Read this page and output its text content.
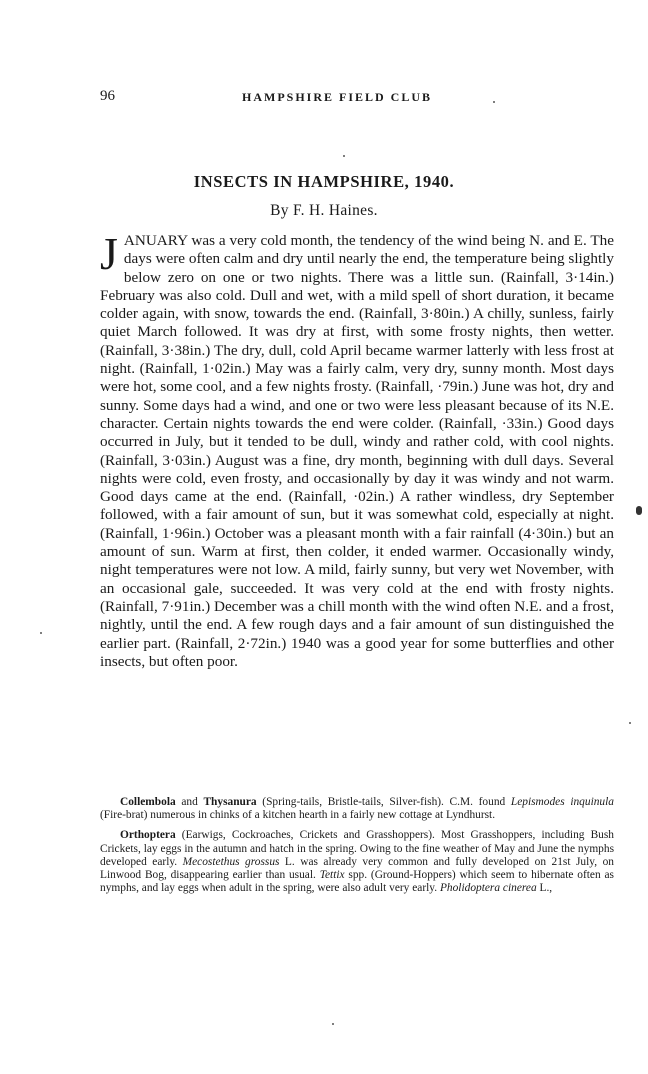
96	HAMPSHIRE FIELD CLUB
INSECTS IN HAMPSHIRE, 1940.
By F. H. Haines.
JANUARY was a very cold month, the tendency of the wind being N. and E. The days were often calm and dry until nearly the end, the temperature being slightly below zero on one or two nights. There was a little sun. (Rainfall, 3·14in.) February was also cold. Dull and wet, with a mild spell of short duration, it became colder again, with snow, towards the end. (Rainfall, 3·80in.) A chilly, sunless, fairly quiet March followed. It was dry at first, with some frosty nights, then wetter. (Rainfall, 3·38in.) The dry, dull, cold April became warmer latterly with less frost at night. (Rainfall, 1·02in.) May was a fairly calm, very dry, sunny month. Most days were hot, some cool, and a few nights frosty. (Rainfall, ·79in.) June was hot, dry and sunny. Some days had a wind, and one or two were less pleasant because of its N.E. character. Certain nights towards the end were colder. (Rainfall, ·33in.) Good days occurred in July, but it tended to be dull, windy and rather cold, with cool nights. (Rainfall, 3·03in.) August was a fine, dry month, beginning with dull days. Several nights were cold, even frosty, and occasionally by day it was windy and not warm. Good days came at the end. (Rainfall, ·02in.) A rather windless, dry September followed, with a fair amount of sun, but it was somewhat cold, especially at night. (Rainfall, 1·96in.) October was a pleasant month with a fair rainfall (4·30in.) but an amount of sun. Warm at first, then colder, it ended warmer. Occasionally windy, night temperatures were not low. A mild, fairly sunny, but very wet November, with an occasional gale, succeeded. It was very cold at the end with frosty nights. (Rainfall, 7·91in.) December was a chill month with the wind often N.E. and a frost, nightly, until the end. A few rough days and a fair amount of sun distinguished the earlier part. (Rainfall, 2·72in.) 1940 was a good year for some butterflies and other insects, but often poor.

Collembola and Thysanura (Spring-tails, Bristle-tails, Silver-fish). C.M. found Lepismodes inquinula (Fire-brat) numerous in chinks of a kitchen hearth in a fairly new cottage at Lyndhurst.

Orthoptera (Earwigs, Cockroaches, Crickets and Grasshoppers). Most Grasshoppers, including Bush Crickets, lay eggs in the autumn and hatch in the spring. Owing to the fine weather of May and June the nymphs developed early. Mecostethus grossus L. was already very common and fully developed on 21st July, on Linwood Bog, disappearing earlier than usual. Tettix spp. (Ground-Hoppers) which seem to hibernate often as nymphs, and lay eggs when adult in the spring, were also adult very early. Pholidoptera cinerea L.,
